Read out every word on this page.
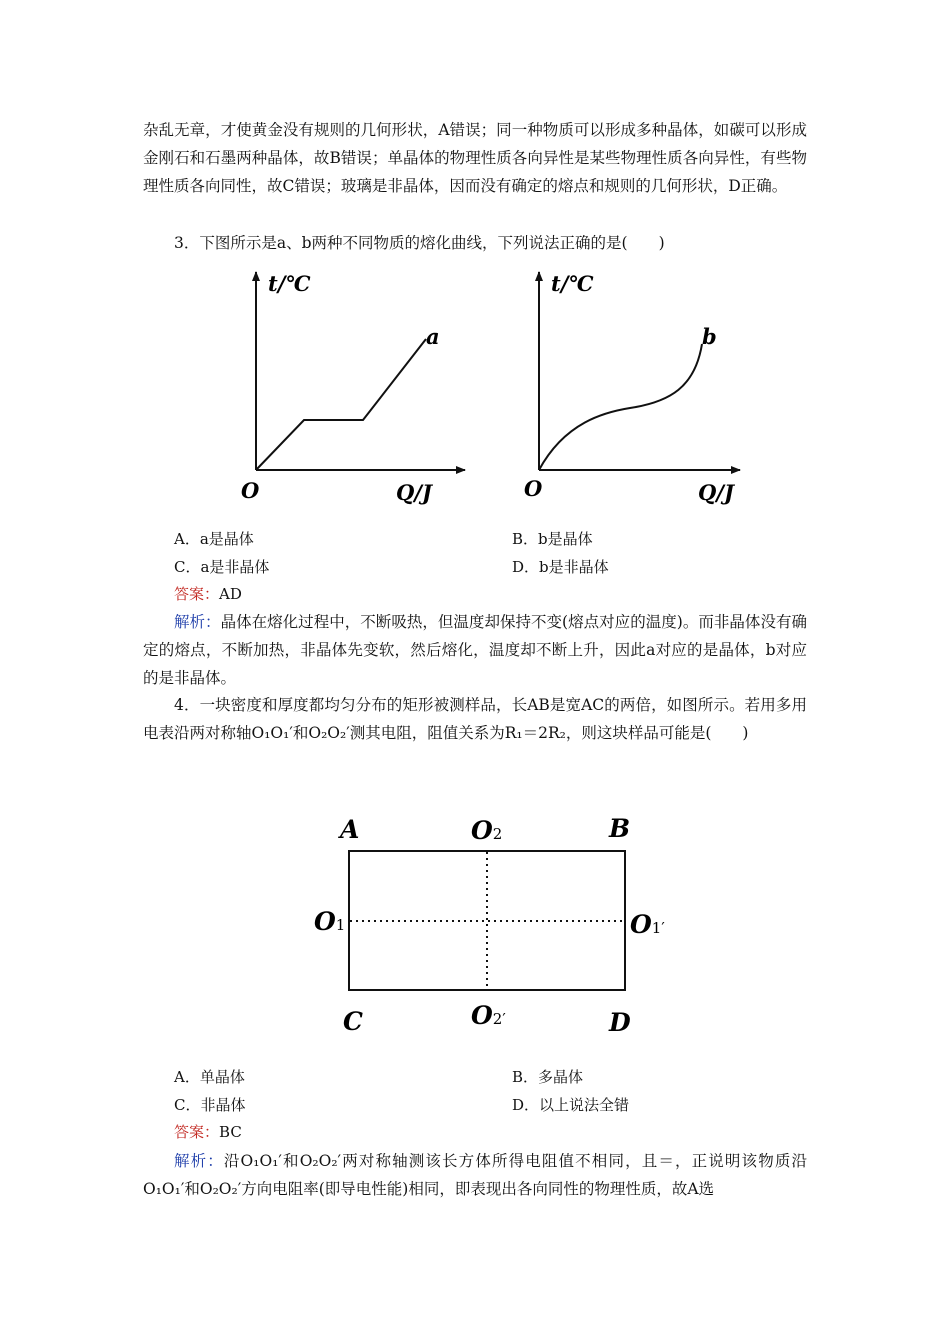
杂乱无章，才使黄金没有规则的几何形状，A错误；同一种物质可以形成多种晶体，如碳可以形成金刚石和石墨两种晶体，故B错误；单晶体的物理性质各向异性是某些物理性质各向异性，有些物理性质各向同性，故C错误；玻璃是非晶体，因而没有确定的熔点和规则的几何形状，D正确。

3．下图所示是a、b两种不同物质的熔化曲线，下列说法正确的是(　　)

t/℃
a
O	Q/J
t/℃
b
O	Q/J
A．a是晶体	B．b是晶体
C．a是非晶体	D．b是非晶体
答案：AD

解析：晶体在熔化过程中，不断吸热，但温度却保持不变(熔点对应的温度)。而非晶体没有确定的熔点，不断加热，非晶体先变软，然后熔化，温度却不断上升，因此a对应的是晶体，b对应的是非晶体。

4．一块密度和厚度都均匀分布的矩形被测样品，长AB是宽AC的两倍，如图所示。若用多用电表沿两对称轴O₁O₁′和O₂O₂′测其电阻，阻值关系为R₁＝2R₂，则这块样品可能是(　　)

A	B
C	D
O2
O2′
O1	O1′
A．单晶体	B．多晶体
C．非晶体	D．以上说法全错
答案：BC

解析：沿O₁O₁′和O₂O₂′两对称轴测该长方体所得电阻值不相同，且＝，正说明该物质沿O₁O₁′和O₂O₂′方向电阻率(即导电性能)相同，即表现出各向同性的物理性质，故A选
